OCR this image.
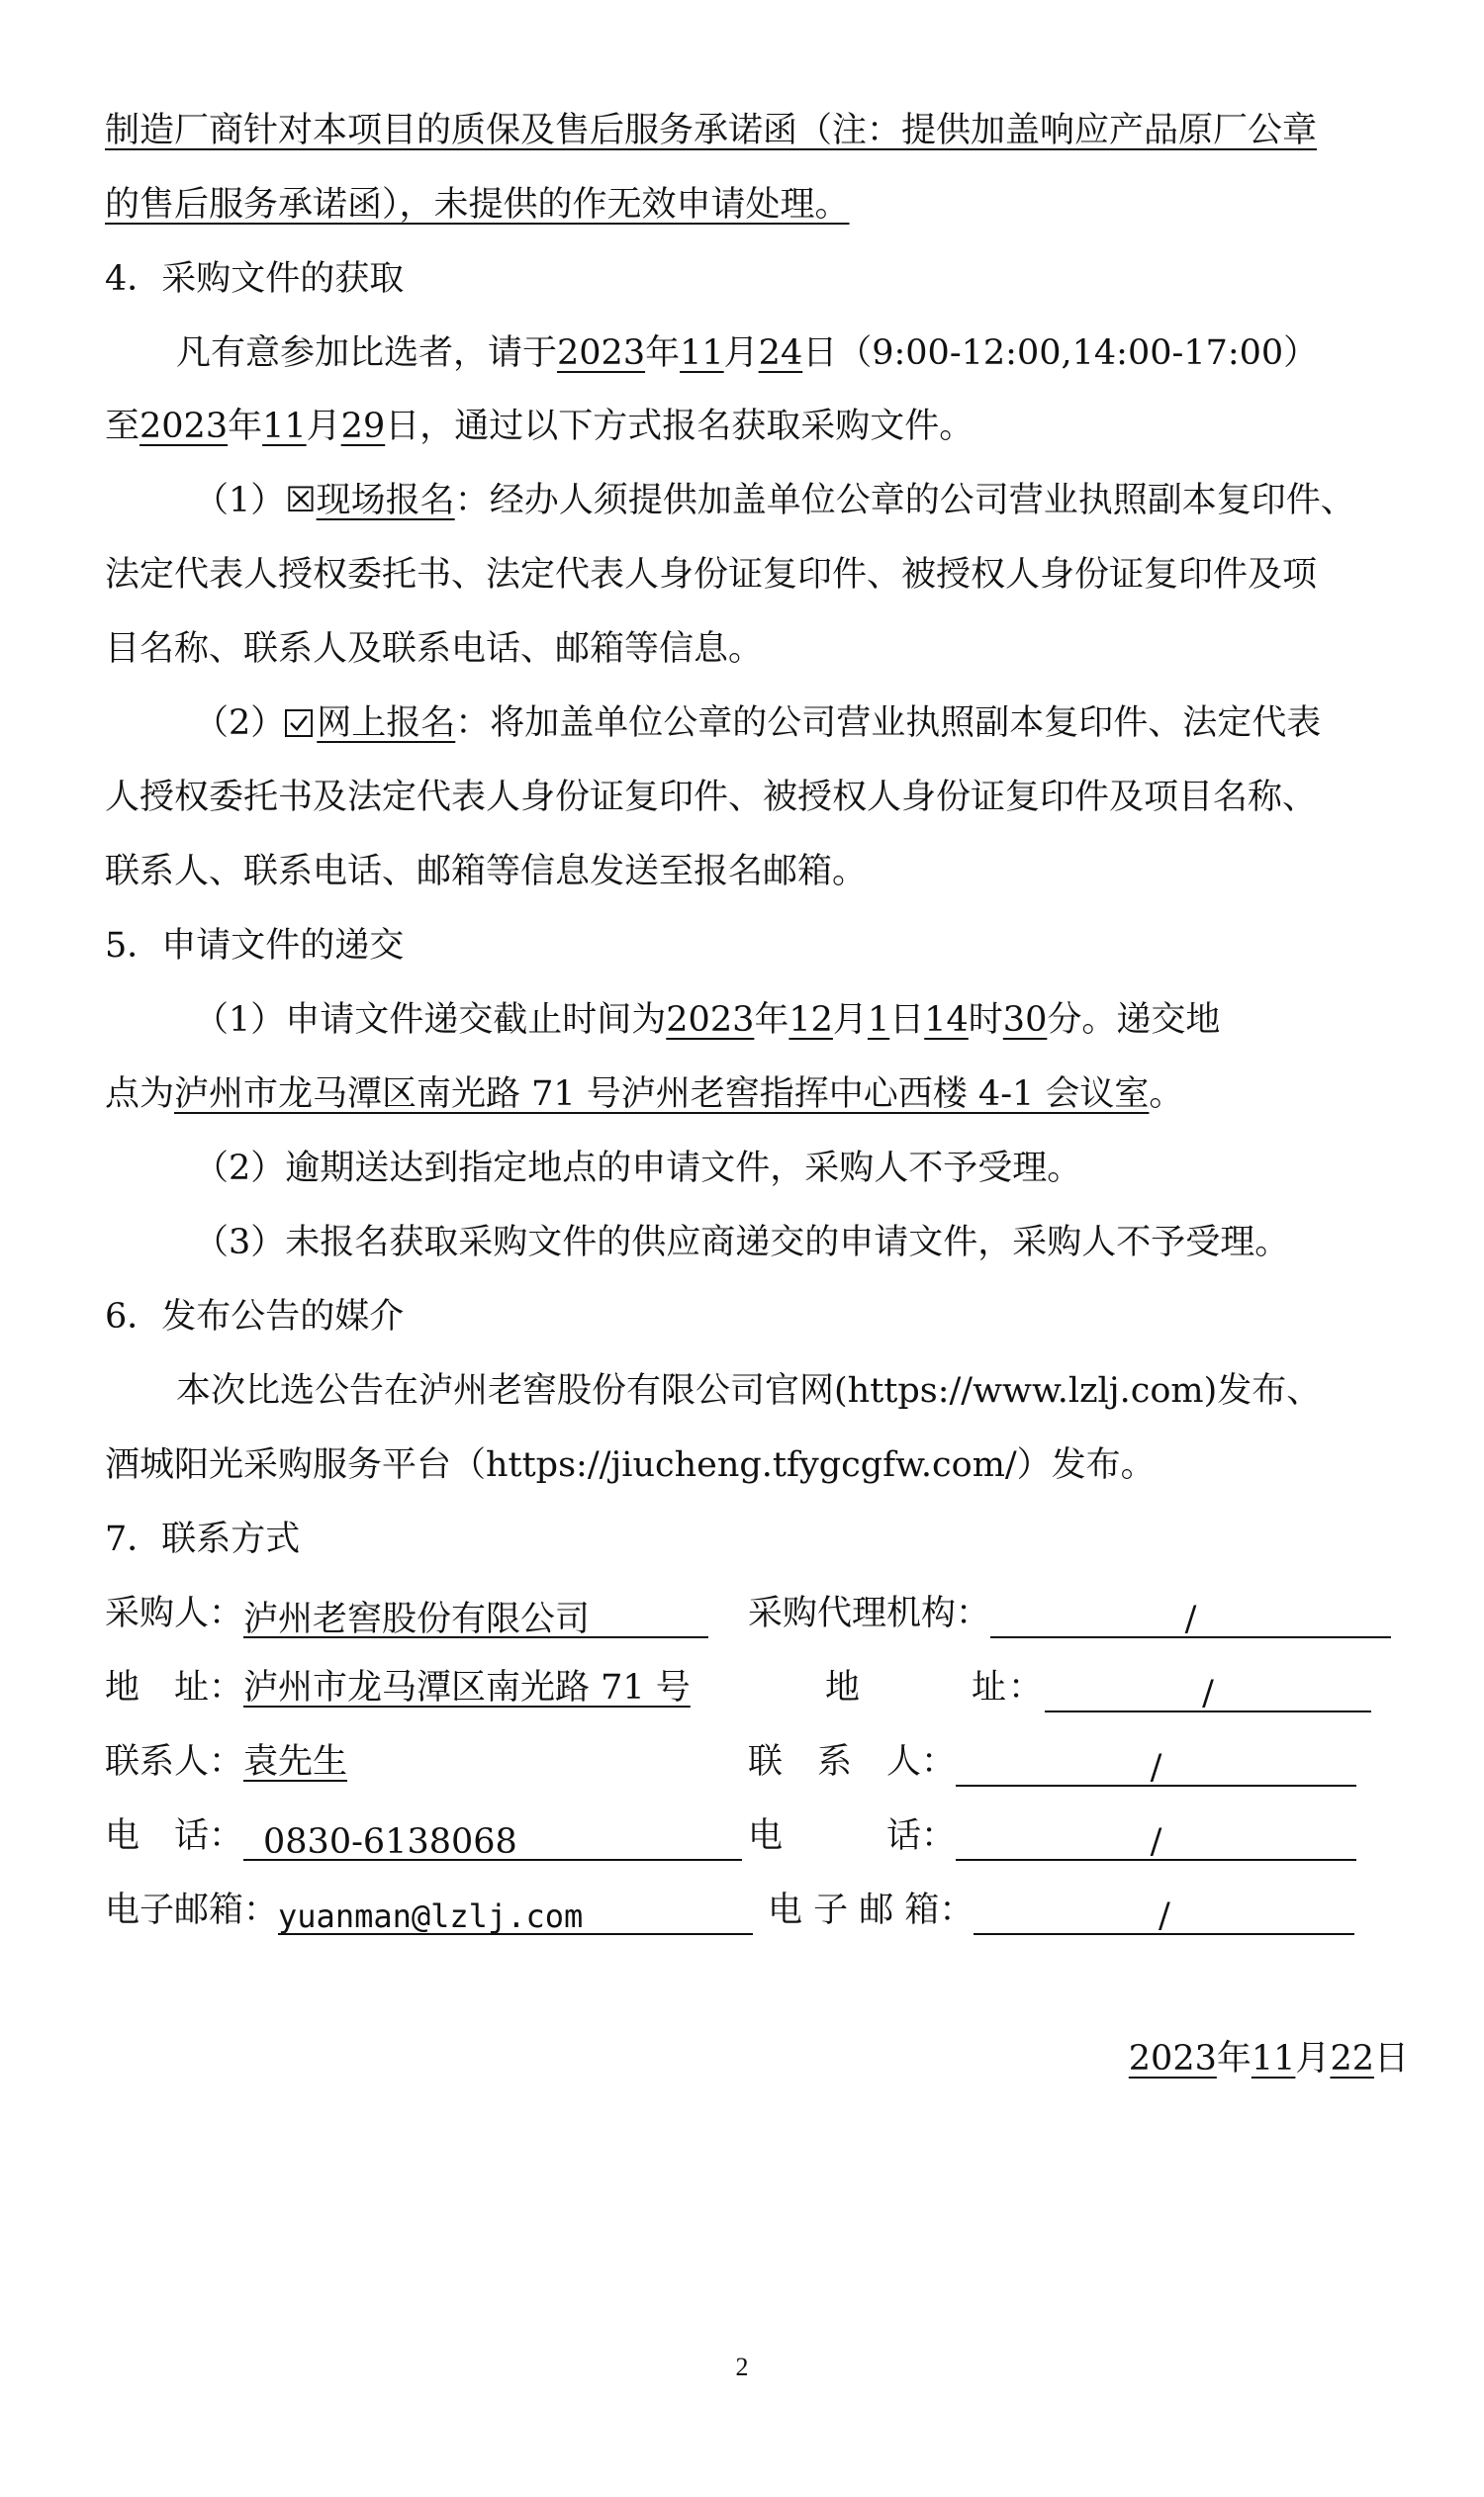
制造厂商针对本项目的质保及售后服务承诺函（注：提供加盖响应产品原厂公章
的售后服务承诺函），未提供的作无效申请处理。
4．采购文件的获取
凡有意参加比选者，请于2023年11月24日（9:00-12:00,14:00-17:00）
至2023年11月29日，通过以下方式报名获取采购文件。
（1）☒现场报名：经办人须提供加盖单位公章的公司营业执照副本复印件、
法定代表人授权委托书、法定代表人身份证复印件、被授权人身份证复印件及项
目名称、联系人及联系电话、邮箱等信息。
（2） 网上报名：将加盖单位公章的公司营业执照副本复印件、法定代表
人授权委托书及法定代表人身份证复印件、被授权人身份证复印件及项目名称、
联系人、联系电话、邮箱等信息发送至报名邮箱。
5．申请文件的递交
（1）申请文件递交截止时间为2023年12月1日14时30分。递交地
点为泸州市龙马潭区南光路 71 号泸州老窖指挥中心西楼 4-1 会议室。
（2）逾期送达到指定地点的申请文件，采购人不予受理。
（3）未报名获取采购文件的供应商递交的申请文件，采购人不予受理。
6．发布公告的媒介
本次比选公告在泸州老窖股份有限公司官网(https://www.lzlj.com)发布、
酒城阳光采购服务平台（https://jiucheng.tfygcgfw.com/）发布。
7．联系方式
采购人：泸州老窖股份有限公司	采购代理机构：	/
地　址：泸州市龙马潭区南光路 71 号	地　　　址：	/
联系人：袁先生	联　系　人：	/
电　话： 0830-6138068	电　　　话：	/
电子邮箱：yuanman@lzlj.com	电 子 邮 箱：	/
2023年11月22日
2
